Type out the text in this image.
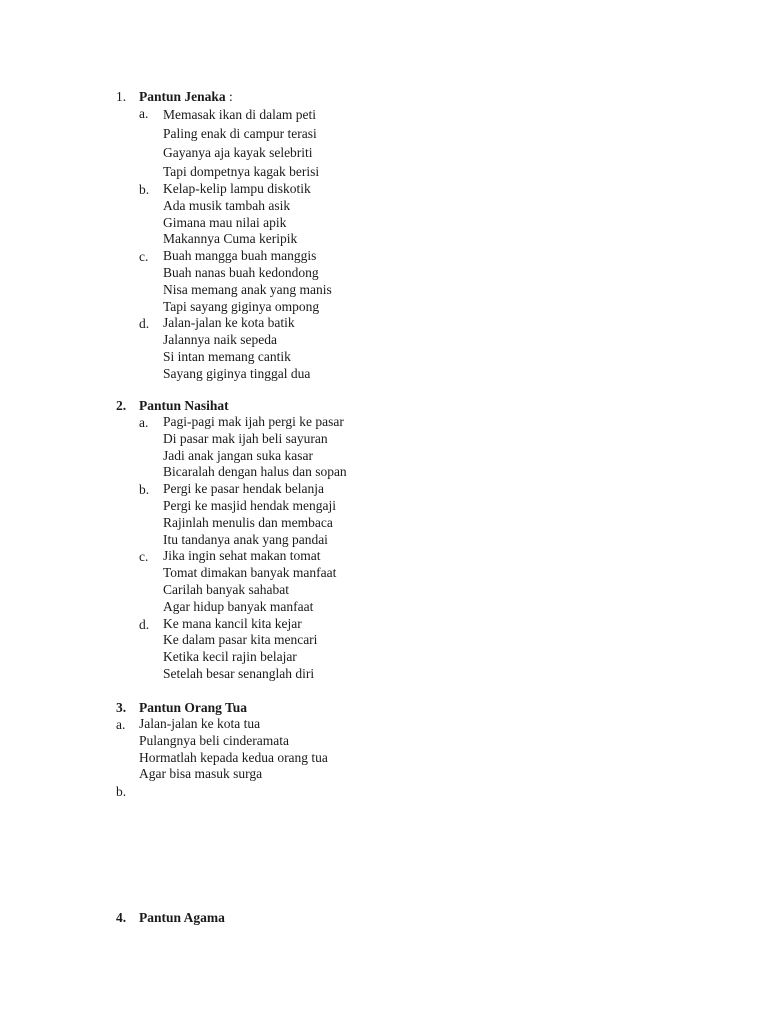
1. Pantun Jenaka :
a. Memasak ikan di dalam peti
Paling enak di campur terasi
Gayanya aja kayak selebriti
Tapi dompetnya kagak berisi
b. Kelap-kelip lampu diskotik
Ada musik tambah asik
Gimana mau nilai apik
Makannya Cuma keripik
c. Buah mangga buah manggis
Buah nanas buah kedondong
Nisa memang anak yang manis
Tapi sayang giginya ompong
d. Jalan-jalan ke kota batik
Jalannya naik sepeda
Si intan memang cantik
Sayang giginya tinggal dua
2. Pantun Nasihat
a. Pagi-pagi mak ijah pergi ke pasar
Di pasar mak ijah beli sayuran
Jadi anak jangan suka kasar
Bicaralah dengan halus dan sopan
b. Pergi ke pasar hendak belanja
Pergi ke masjid hendak mengaji
Rajinlah menulis dan membaca
Itu tandanya anak yang pandai
c. Jika ingin sehat makan tomat
Tomat dimakan banyak manfaat
Carilah banyak sahabat
Agar hidup banyak manfaat
d. Ke mana kancil kita kejar
Ke dalam pasar kita mencari
Ketika kecil rajin belajar
Setelah besar senanglah diri
3. Pantun Orang Tua
a. Jalan-jalan ke kota tua
Pulangnya beli cinderamata
Hormatlah kepada kedua orang tua
Agar bisa masuk surga
b.
4. Pantun Agama
